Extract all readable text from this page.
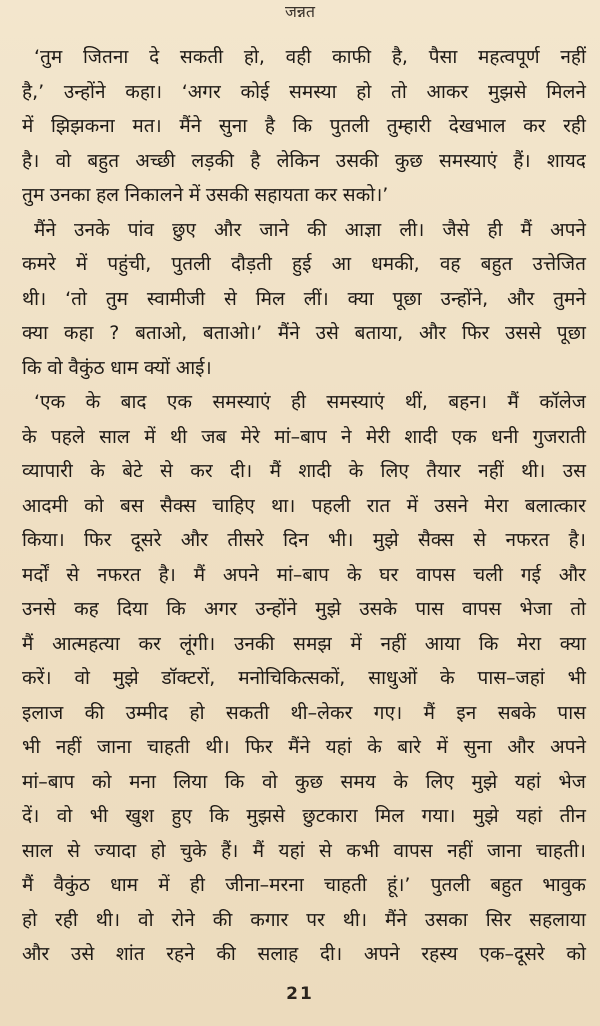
जन्नत
‘तुम जितना दे सकती हो, वही काफी है, पैसा महत्वपूर्ण नहीं
है,’ उन्होंने कहा। ‘अगर कोई समस्या हो तो आकर मुझसे मिलने
में झिझकना मत। मैंने सुना है कि पुतली तुम्हारी देखभाल कर रही
है। वो बहुत अच्छी लड़की है लेकिन उसकी कुछ समस्याएं हैं। शायद
तुम उनका हल निकालने में उसकी सहायता कर सको।’
मैंने उनके पांव छुए और जाने की आज्ञा ली। जैसे ही मैं अपने
कमरे में पहुंची, पुतली दौड़ती हुई आ धमकी, वह बहुत उत्तेजित
थी। ‘तो तुम स्वामीजी से मिल लीं। क्या पूछा उन्होंने, और तुमने
क्या कहा ? बताओ, बताओ।’ मैंने उसे बताया, और फिर उससे पूछा
कि वो वैकुंठ धाम क्यों आई।
‘एक के बाद एक समस्याएं ही समस्याएं थीं, बहन। मैं कॉलेज
के पहले साल में थी जब मेरे मां–बाप ने मेरी शादी एक धनी गुजराती
व्यापारी के बेटे से कर दी। मैं शादी के लिए तैयार नहीं थी। उस
आदमी को बस सैक्स चाहिए था। पहली रात में उसने मेरा बलात्कार
किया। फिर दूसरे और तीसरे दिन भी। मुझे सैक्स से नफरत है।
मर्दों से नफरत है। मैं अपने मां–बाप के घर वापस चली गई और
उनसे कह दिया कि अगर उन्होंने मुझे उसके पास वापस भेजा तो
मैं आत्महत्या कर लूंगी। उनकी समझ में नहीं आया कि मेरा क्या
करें। वो मुझे डॉक्टरों, मनोचिकित्सकों, साधुओं के पास–जहां भी
इलाज की उम्मीद हो सकती थी–लेकर गए। मैं इन सबके पास
भी नहीं जाना चाहती थी। फिर मैंने यहां के बारे में सुना और अपने
मां–बाप को मना लिया कि वो कुछ समय के लिए मुझे यहां भेज
दें। वो भी खुश हुए कि मुझसे छुटकारा मिल गया। मुझे यहां तीन
साल से ज्यादा हो चुके हैं। मैं यहां से कभी वापस नहीं जाना चाहती।
मैं वैकुंठ धाम में ही जीना–मरना चाहती हूं।’ पुतली बहुत भावुक
हो रही थी। वो रोने की कगार पर थी। मैंने उसका सिर सहलाया
और उसे शांत रहने की सलाह दी। अपने रहस्य एक–दूसरे को
21
